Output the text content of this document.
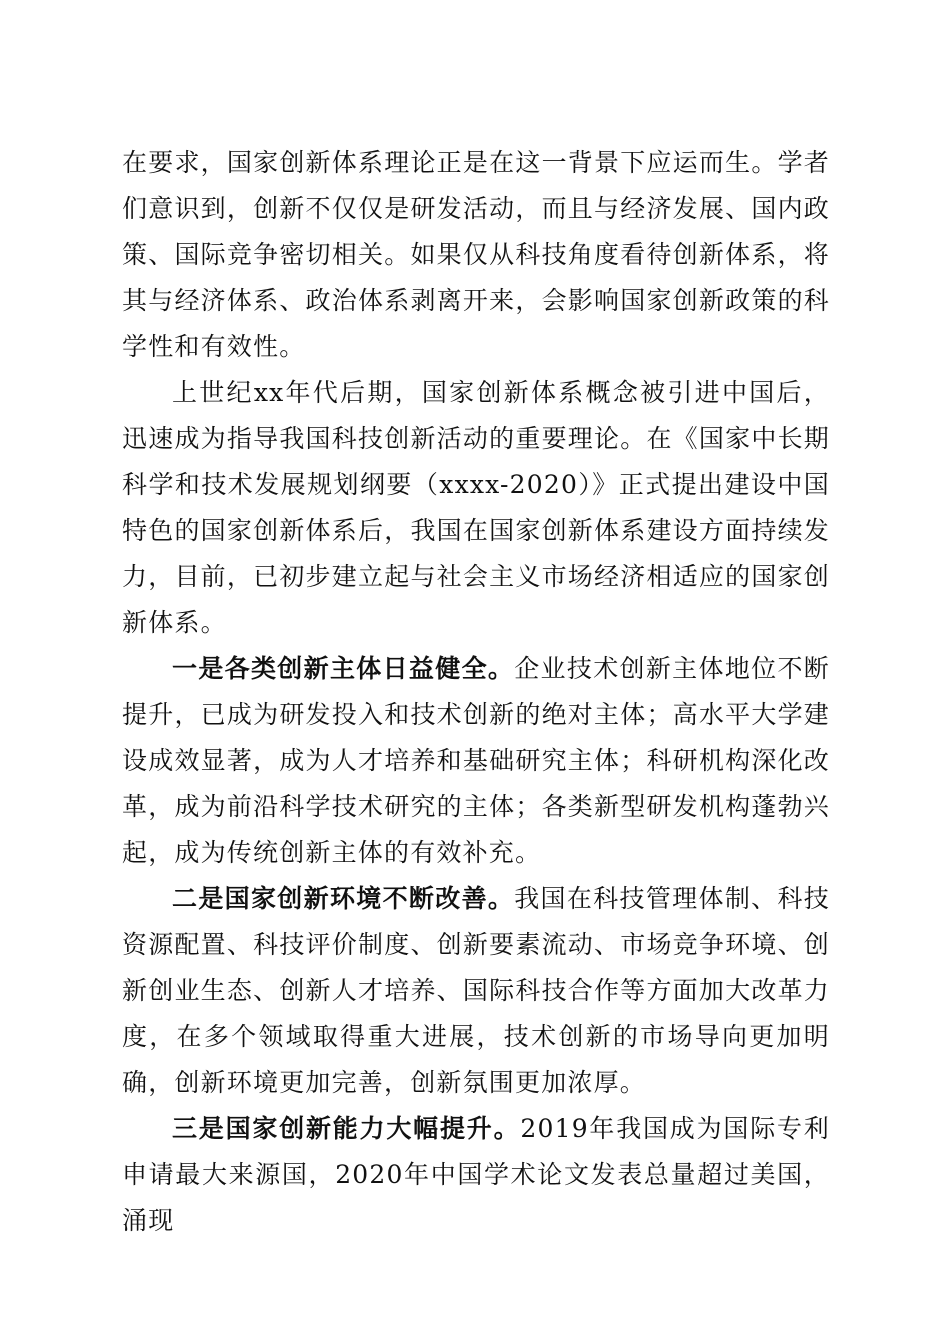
在要求，国家创新体系理论正是在这一背景下应运而生。学者们意识到，创新不仅仅是研发活动，而且与经济发展、国内政策、国际竞争密切相关。如果仅从科技角度看待创新体系，将其与经济体系、政治体系剥离开来，会影响国家创新政策的科学性和有效性。

上世纪xx年代后期，国家创新体系概念被引进中国后，迅速成为指导我国科技创新活动的重要理论。在《国家中长期科学和技术发展规划纲要（xxxx-2020）》正式提出建设中国特色的国家创新体系后，我国在国家创新体系建设方面持续发力，目前，已初步建立起与社会主义市场经济相适应的国家创新体系。

一是各类创新主体日益健全。企业技术创新主体地位不断提升，已成为研发投入和技术创新的绝对主体；高水平大学建设成效显著，成为人才培养和基础研究主体；科研机构深化改革，成为前沿科学技术研究的主体；各类新型研发机构蓬勃兴起，成为传统创新主体的有效补充。

二是国家创新环境不断改善。我国在科技管理体制、科技资源配置、科技评价制度、创新要素流动、市场竞争环境、创新创业生态、创新人才培养、国际科技合作等方面加大改革力度，在多个领域取得重大进展，技术创新的市场导向更加明确，创新环境更加完善，创新氛围更加浓厚。

三是国家创新能力大幅提升。2019年我国成为国际专利申请最大来源国，2020年中国学术论文发表总量超过美国，涌现
